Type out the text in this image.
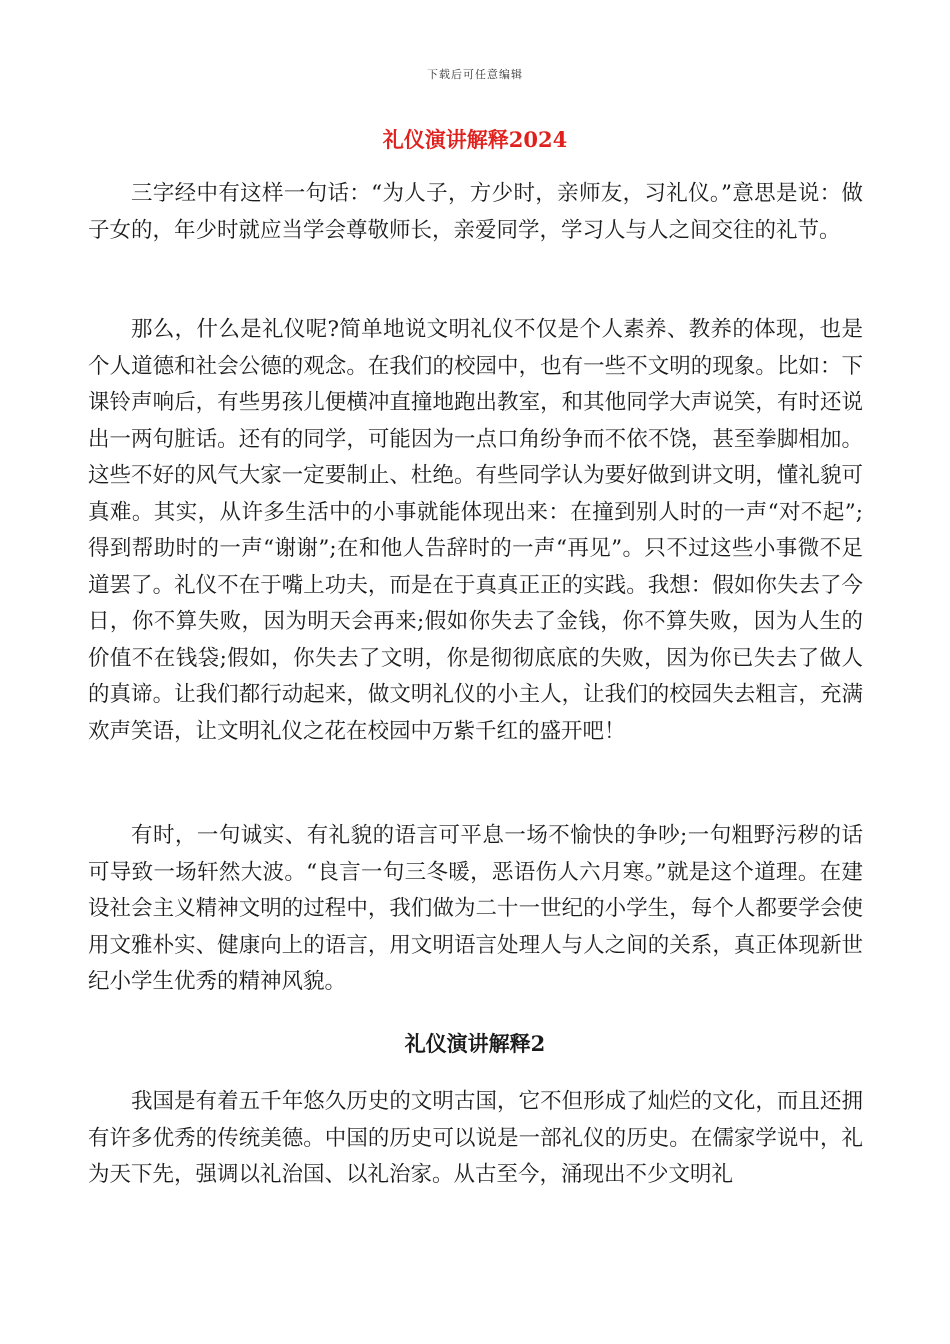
下载后可任意编辑
礼仪演讲解释2024

三字经中有这样一句话：“为人子，方少时，亲师友，习礼仪。”意思是说：做子女的，年少时就应当学会尊敬师长，亲爱同学，学习人与人之间交往的礼节。

那么，什么是礼仪呢?简单地说文明礼仪不仅是个人素养、教养的体现，也是个人道德和社会公德的观念。在我们的校园中，也有一些不文明的现象。比如：下课铃声响后，有些男孩儿便横冲直撞地跑出教室，和其他同学大声说笑，有时还说出一两句脏话。还有的同学，可能因为一点口角纷争而不依不饶，甚至拳脚相加。这些不好的风气大家一定要制止、杜绝。有些同学认为要好做到讲文明，懂礼貌可真难。其实，从许多生活中的小事就能体现出来：在撞到别人时的一声“对不起”;得到帮助时的一声“谢谢”;在和他人告辞时的一声“再见”。只不过这些小事微不足道罢了。礼仪不在于嘴上功夫，而是在于真真正正的实践。我想：假如你失去了今日，你不算失败，因为明天会再来;假如你失去了金钱，你不算失败，因为人生的价值不在钱袋;假如，你失去了文明，你是彻彻底底的失败，因为你已失去了做人的真谛。让我们都行动起来，做文明礼仪的小主人，让我们的校园失去粗言，充满欢声笑语，让文明礼仪之花在校园中万紫千红的盛开吧！

有时，一句诚实、有礼貌的语言可平息一场不愉快的争吵;一句粗野污秽的话可导致一场轩然大波。“良言一句三冬暖，恶语伤人六月寒。”就是这个道理。在建设社会主义精神文明的过程中，我们做为二十一世纪的小学生，每个人都要学会使用文雅朴实、健康向上的语言，用文明语言处理人与人之间的关系，真正体现新世纪小学生优秀的精神风貌。

礼仪演讲解释2

我国是有着五千年悠久历史的文明古国，它不但形成了灿烂的文化，而且还拥有许多优秀的传统美德。中国的历史可以说是一部礼仪的历史。在儒家学说中，礼为天下先，强调以礼治国、以礼治家。从古至今，涌现出不少文明礼
